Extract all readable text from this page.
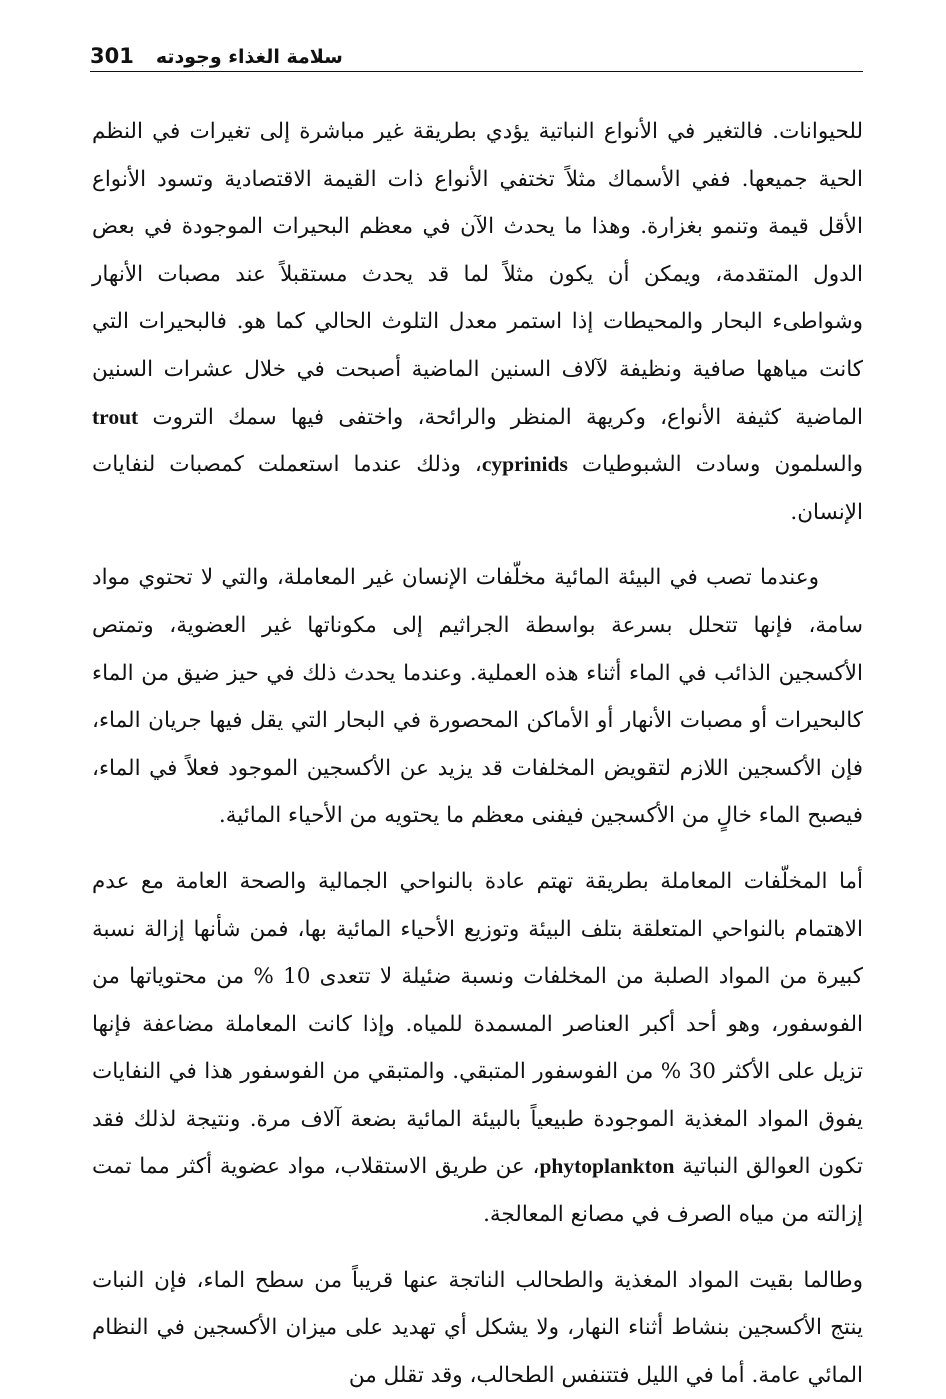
301 سلامة الغذاء وجودته

للحيوانات. فالتغير في الأنواع النباتية يؤدي بطريقة غير مباشرة إلى تغيرات في النظم الحية جميعها. ففي الأسماك مثلاً تختفي الأنواع ذات القيمة الاقتصادية وتسود الأنواع الأقل قيمة وتنمو بغزارة. وهذا ما يحدث الآن في معظم البحيرات الموجودة في بعض الدول المتقدمة، ويمكن أن يكون مثلاً لما قد يحدث مستقبلاً عند مصبات الأنهار وشواطىء البحار والمحيطات إذا استمر معدل التلوث الحالي كما هو. فالبحيرات التي كانت مياهها صافية ونظيفة لآلاف السنين الماضية أصبحت في خلال عشرات السنين الماضية كثيفة الأنواع، وكريهة المنظر والرائحة، واختفى فيها سمك التروت trout والسلمون وسادت الشبوطيات cyprinids، وذلك عندما استعملت كمصبات لنفايات الإنسان.

وعندما تصب في البيئة المائية مخلّفات الإنسان غير المعاملة، والتي لا تحتوي مواد سامة، فإنها تتحلل بسرعة بواسطة الجراثيم إلى مكوناتها غير العضوية، وتمتص الأكسجين الذائب في الماء أثناء هذه العملية. وعندما يحدث ذلك في حيز ضيق من الماء كالبحيرات أو مصبات الأنهار أو الأماكن المحصورة في البحار التي يقل فيها جريان الماء، فإن الأكسجين اللازم لتقويض المخلفات قد يزيد عن الأكسجين الموجود فعلاً في الماء، فيصبح الماء خالٍ من الأكسجين فيفنى معظم ما يحتويه من الأحياء المائية.

أما المخلّفات المعاملة بطريقة تهتم عادة بالنواحي الجمالية والصحة العامة مع عدم الاهتمام بالنواحي المتعلقة بتلف البيئة وتوزيع الأحياء المائية بها، فمن شأنها إزالة نسبة كبيرة من المواد الصلبة من المخلفات ونسبة ضئيلة لا تتعدى 10 % من محتوياتها من الفوسفور، وهو أحد أكبر العناصر المسمدة للمياه. وإذا كانت المعاملة مضاعفة فإنها تزيل على الأكثر 30 % من الفوسفور المتبقي. والمتبقي من الفوسفور هذا في النفايات يفوق المواد المغذية الموجودة طبيعياً بالبيئة المائية بضعة آلاف مرة. ونتيجة لذلك فقد تكون العوالق النباتية phytoplankton، عن طريق الاستقلاب، مواد عضوية أكثر مما تمت إزالته من مياه الصرف في مصانع المعالجة.

وطالما بقيت المواد المغذية والطحالب الناتجة عنها قريباً من سطح الماء، فإن النبات ينتج الأكسجين بنشاط أثناء النهار، ولا يشكل أي تهديد على ميزان الأكسجين في النظام المائي عامة. أما في الليل فتتنفس الطحالب، وقد تقلل من
